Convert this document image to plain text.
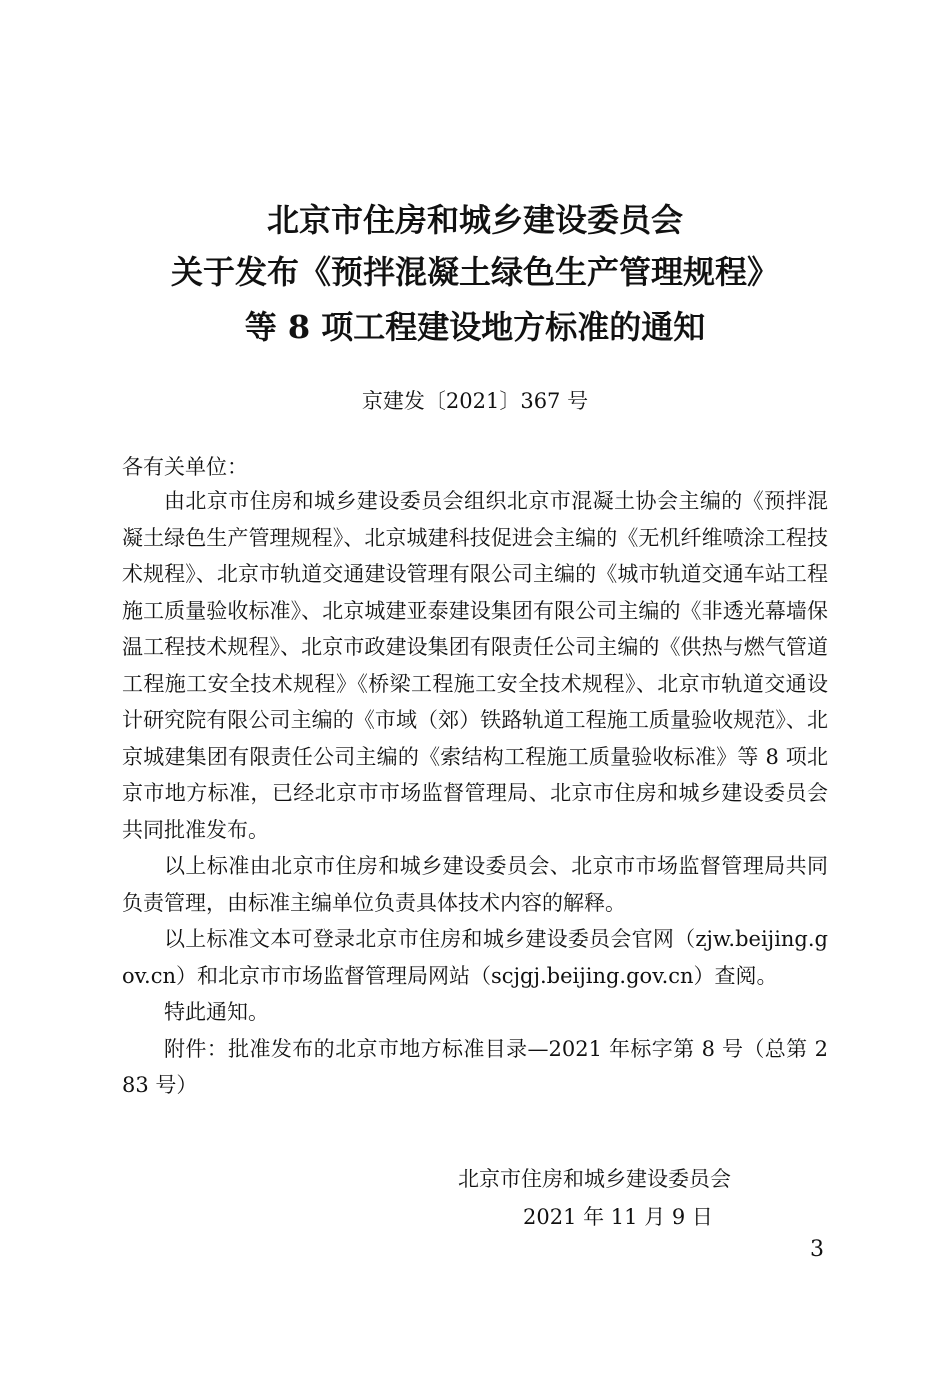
北京市住房和城乡建设委员会
关于发布《预拌混凝土绿色生产管理规程》
等 8 项工程建设地方标准的通知
京建发〔2021〕367 号
各有关单位：

由北京市住房和城乡建设委员会组织北京市混凝土协会主编的《预拌混凝土绿色生产管理规程》、北京城建科技促进会主编的《无机纤维喷涂工程技术规程》、北京市轨道交通建设管理有限公司主编的《城市轨道交通车站工程施工质量验收标准》、北京城建亚泰建设集团有限公司主编的《非透光幕墙保温工程技术规程》、北京市政建设集团有限责任公司主编的《供热与燃气管道工程施工安全技术规程》《桥梁工程施工安全技术规程》、北京市轨道交通设计研究院有限公司主编的《市域（郊）铁路轨道工程施工质量验收规范》、北京城建集团有限责任公司主编的《索结构工程施工质量验收标准》等 8 项北京市地方标准，已经北京市市场监督管理局、北京市住房和城乡建设委员会共同批准发布。

以上标准由北京市住房和城乡建设委员会、北京市市场监督管理局共同负责管理，由标准主编单位负责具体技术内容的解释。

以上标准文本可登录北京市住房和城乡建设委员会官网（zjw.beijing.gov.cn）和北京市市场监督管理局网站（scjgj.beijing.gov.cn）查阅。

特此通知。

附件：批准发布的北京市地方标准目录—2021 年标字第 8 号（总第 283 号）

北京市住房和城乡建设委员会
2021 年 11 月 9 日
3
